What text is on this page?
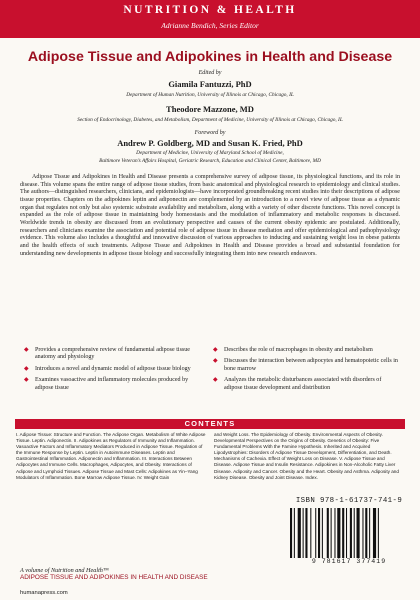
NUTRITION & HEALTH
Adrianne Bendich, Series Editor
Adipose Tissue and Adipokines in Health and Disease
Edited by
Giamila Fantuzzi, PhD
Department of Human Nutrition, University of Illinois at Chicago, Chicago, IL
Theodore Mazzone, MD
Section of Endocrinology, Diabetes, and Metabolism, Department of Medicine, University of Illinois at Chicago, Chicago, IL
Foreword by
Andrew P. Goldberg, MD and Susan K. Fried, PhD
Department of Medicine, University of Maryland School of Medicine,
Baltimore Veteran’s Affairs Hospital, Geriatric Research, Education and Clinical Center, Baltimore, MD

Adipose Tissue and Adipokines in Health and Disease presents a comprehensive survey of adipose tissue, its physiological functions, and its role in disease. This volume spans the entire range of adipose tissue studies, from basic anatomical and physiological research to epidemiology and clinical studies. The authors—distinguished researchers, clinicians, and epidemiologists—have incorporated groundbreaking recent studies into their descriptions of adipose tissue properties. Chapters on the adipokines leptin and adiponectin are complemented by an introduction to a novel view of adipose tissue as a dynamic organ that regulates not only but also systemic substrate availability and metabolism, along with a variety of other discrete functions. This novel concept is expanded as the role of adipose tissue in maintaining body homeostasis and the modulation of inflammatory and metabolic responses is discussed. Worldwide trends in obesity are discussed from an evolutionary perspective and causes of the current obesity epidemic are postulated. Additionally, researchers and clinicians examine the association and potential role of adipose tissue in disease mediation and offer epidemiological and pathophysiology evidence. This volume also includes a thoughtful and innovative discussion of various approaches to inducing and sustaining weight loss in obese patients and the health effects of such treatments. Adipose Tissue and Adipokines in Health and Disease provides a broad and substantial foundation for understanding new developments in adipose tissue biology and successfully integrating them into new research endeavors.

◆	Provides a comprehensive review of fundamental adipose tissue anatomy and physiology
◆	Introduces a novel and dynamic model of adipose tissue biology
◆	Examines vasoactive and inflammatory molecules produced by adipose tissue
◆	Describes the role of macrophages in obesity and metabolism
◆	Discusses the interaction between adipocytes and hematopoietic cells in bone marrow
◆	Analyzes the metabolic disturbances associated with disorders of adipose tissue development and distribution
CONTENTS
I. Adipose Tissue: Structure and Function. The Adipose Organ. Metabolism of White Adipose Tissue. Leptin. Adiponectin. II. Adipokines as Regulators of Immunity and Inflammation. Vasoactive Factors and Inflammatory Mediators Produced in Adipose Tissue. Regulation of the Immune Response by Leptin. Leptin in Autoimmune Diseases. Leptin and Gastrointestinal Inflammation. Adiponectin and Inflammation. III. Interactions Between Adipocytes and Immune Cells. Macrophages, Adipocytes, and Obesity. Interactions of Adipose and Lymphoid Tissues. Adipose Tissue and Mast Cells: Adipokines as Yin–Yang Modulators of Inflammation. Bone Marrow Adipose Tissue. IV. Weight Gain
and Weight Loss. The Epidemiology of Obesity. Environmental Aspects of Obesity. Developmental Perspectives on the Origins of Obesity. Genetics of Obesity: Five Fundamental Problems With the Famine Hypothesis. Inherited and Acquired Lipodystrophies: Disorders of Adipose Tissue Development, Differentiation, and Death. Mechanisms of Cachexia. Effect of Weight Loss on Disease. V. Adipose Tissue and Disease. Adipose Tissue and Insulin Resistance. Adipokines in Non-Alcoholic Fatty Liver Disease. Adiposity and Cancer. Obesity and the Heart. Obesity and Asthma. Adiposity and Kidney Disease. Obesity and Joint Disease. Index.
ISBN 978-1-61737-741-9
9 781617 377419
A volume of Nutrition and Health™
ADIPOSE TISSUE AND ADIPOKINES IN HEALTH AND DISEASE
humanapress.com
